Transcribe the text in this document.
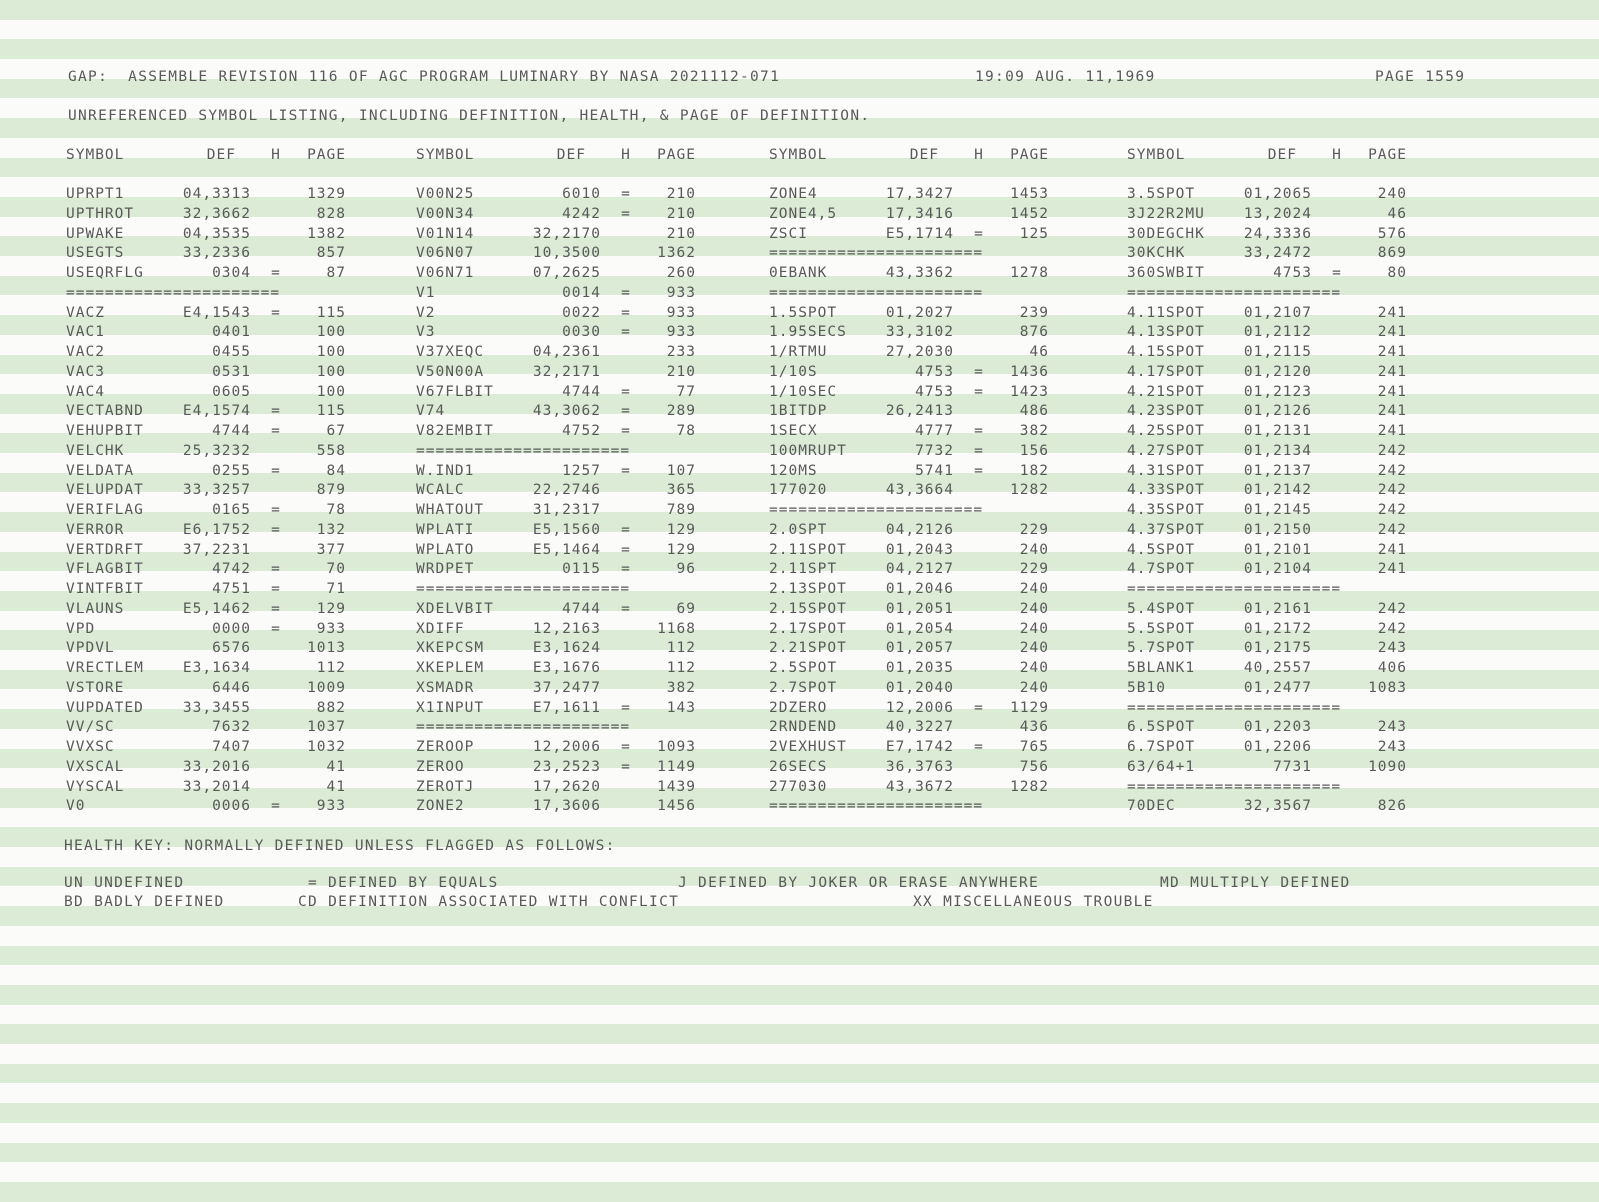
GAP:  ASSEMBLE REVISION 116 OF AGC PROGRAM LUMINARY BY NASA 2021112-071	19:09 AUG. 11,1969	PAGE 1559
UNREFERENCED SYMBOL LISTING, INCLUDING DEFINITION, HEALTH, & PAGE OF DEFINITION.
SYMBOL	DEF	H	PAGE
UPRPT1	04,3313	1329
UPTHROT	32,3662	828
UPWAKE	04,3535	1382
USEGTS	33,2336	857
USEQRFLG	0304	=	87
======================
VACZ	E4,1543	=	115
VAC1	0401	100
VAC2	0455	100
VAC3	0531	100
VAC4	0605	100
VECTABND	E4,1574	=	115
VEHUPBIT	4744	=	67
VELCHK	25,3232	558
VELDATA	0255	=	84
VELUPDAT	33,3257	879
VERIFLAG	0165	=	78
VERROR	E6,1752	=	132
VERTDRFT	37,2231	377
VFLAGBIT	4742	=	70
VINTFBIT	4751	=	71
VLAUNS	E5,1462	=	129
VPD	0000	=	933
VPDVL	6576	1013
VRECTLEM	E3,1634	112
VSTORE	6446	1009
VUPDATED	33,3455	882
VV/SC	7632	1037
VVXSC	7407	1032
VXSCAL	33,2016	41
VYSCAL	33,2014	41
V0	0006	=	933
SYMBOL	DEF	H	PAGE
V00N25	6010	=	210
V00N34	4242	=	210
V01N14	32,2170	210
V06N07	10,3500	1362
V06N71	07,2625	260
V1	0014	=	933
V2	0022	=	933
V3	0030	=	933
V37XEQC	04,2361	233
V50N00A	32,2171	210
V67FLBIT	4744	=	77
V74	43,3062	=	289
V82EMBIT	4752	=	78
======================
W.IND1	1257	=	107
WCALC	22,2746	365
WHATOUT	31,2317	789
WPLATI	E5,1560	=	129
WPLATO	E5,1464	=	129
WRDPET	0115	=	96
======================
XDELVBIT	4744	=	69
XDIFF	12,2163	1168
XKEPCSM	E3,1624	112
XKEPLEM	E3,1676	112
XSMADR	37,2477	382
X1INPUT	E7,1611	=	143
======================
ZEROOP	12,2006	=	1093
ZEROO	23,2523	=	1149
ZEROTJ	17,2620	1439
ZONE2	17,3606	1456
SYMBOL	DEF	H	PAGE
ZONE4	17,3427	1453
ZONE4,5	17,3416	1452
ZSCI	E5,1714	=	125
======================
0EBANK	43,3362	1278
======================
1.5SPOT	01,2027	239
1.95SECS	33,3102	876
1/RTMU	27,2030	46
1/10S	4753	=	1436
1/10SEC	4753	=	1423
1BITDP	26,2413	486
1SECX	4777	=	382
100MRUPT	7732	=	156
120MS	5741	=	182
177020	43,3664	1282
======================
2.0SPT	04,2126	229
2.11SPOT	01,2043	240
2.11SPT	04,2127	229
2.13SPOT	01,2046	240
2.15SPOT	01,2051	240
2.17SPOT	01,2054	240
2.21SPOT	01,2057	240
2.5SPOT	01,2035	240
2.7SPOT	01,2040	240
2DZERO	12,2006	=	1129
2RNDEND	40,3227	436
2VEXHUST	E7,1742	=	765
26SECS	36,3763	756
277030	43,3672	1282
======================
SYMBOL	DEF	H	PAGE
3.5SPOT	01,2065	240
3J22R2MU	13,2024	46
30DEGCHK	24,3336	576
30KCHK	33,2472	869
360SWBIT	4753	=	80
======================
4.11SPOT	01,2107	241
4.13SPOT	01,2112	241
4.15SPOT	01,2115	241
4.17SPOT	01,2120	241
4.21SPOT	01,2123	241
4.23SPOT	01,2126	241
4.25SPOT	01,2131	241
4.27SPOT	01,2134	242
4.31SPOT	01,2137	242
4.33SPOT	01,2142	242
4.35SPOT	01,2145	242
4.37SPOT	01,2150	242
4.5SPOT	01,2101	241
4.7SPOT	01,2104	241
======================
5.4SPOT	01,2161	242
5.5SPOT	01,2172	242
5.7SPOT	01,2175	243
5BLANK1	40,2557	406
5B10	01,2477	1083
======================
6.5SPOT	01,2203	243
6.7SPOT	01,2206	243
63/64+1	7731	1090
======================
70DEC	32,3567	826
HEALTH KEY: NORMALLY DEFINED UNLESS FLAGGED AS FOLLOWS:
UN UNDEFINED	= DEFINED BY EQUALS	J DEFINED BY JOKER OR ERASE ANYWHERE	MD MULTIPLY DEFINED
BD BADLY DEFINED	CD DEFINITION ASSOCIATED WITH CONFLICT	XX MISCELLANEOUS TROUBLE
